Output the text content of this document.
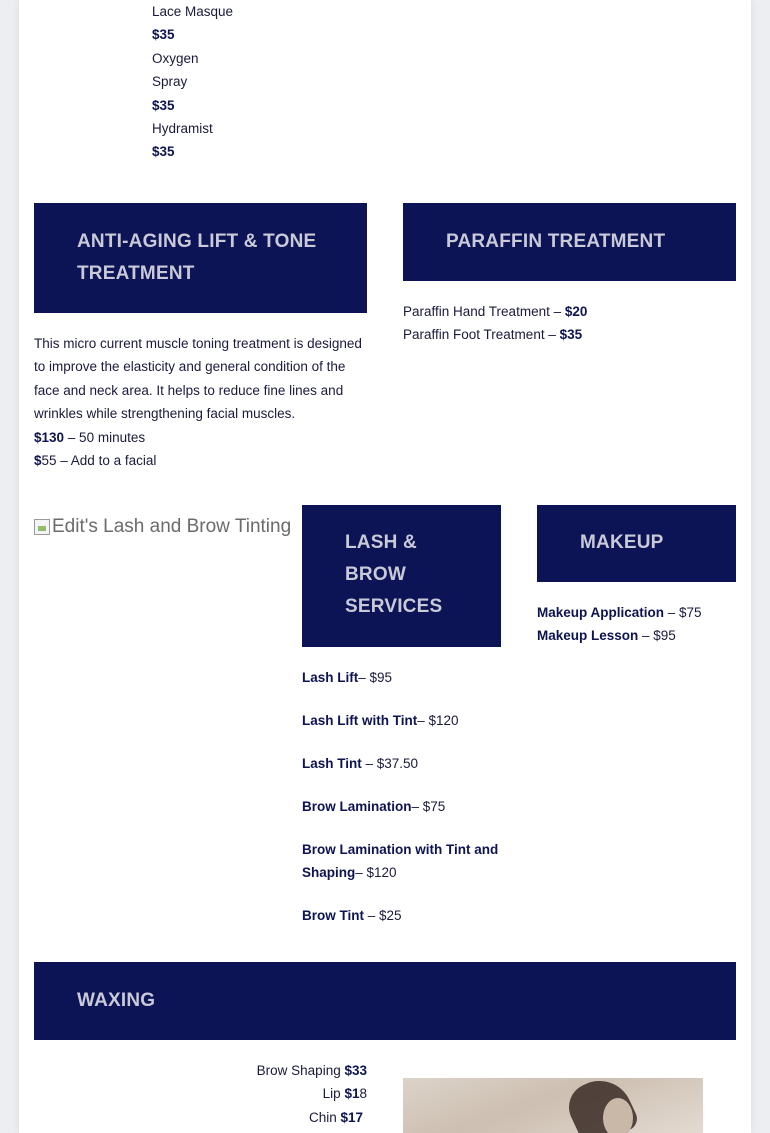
Lace Masque
$35
Oxygen Spray
$35
Hydramist
$35
ANTI-AGING LIFT & TONE
TREATMENT
PARAFFIN TREATMENT
This micro current muscle toning treatment is designed to improve the elasticity and general condition of the face and neck area. It helps to reduce fine lines and wrinkles while strengthening facial muscles.
$130 – 50 minutes
$55 – Add to a facial
Paraffin Hand Treatment – $20
Paraffin Foot Treatment – $35
Edit's Lash and Brow Tinting
LASH &
BROW
SERVICES
MAKEUP
Lash Lift– $95
Lash Lift with Tint– $120
Lash Tint – $37.50
Brow Lamination– $75
Brow Lamination with Tint and Shaping– $120
Brow Tint – $25
Makeup Application – $75
Makeup Lesson – $95
WAXING
Brow Shaping $33
Lip $18
Chin $17
